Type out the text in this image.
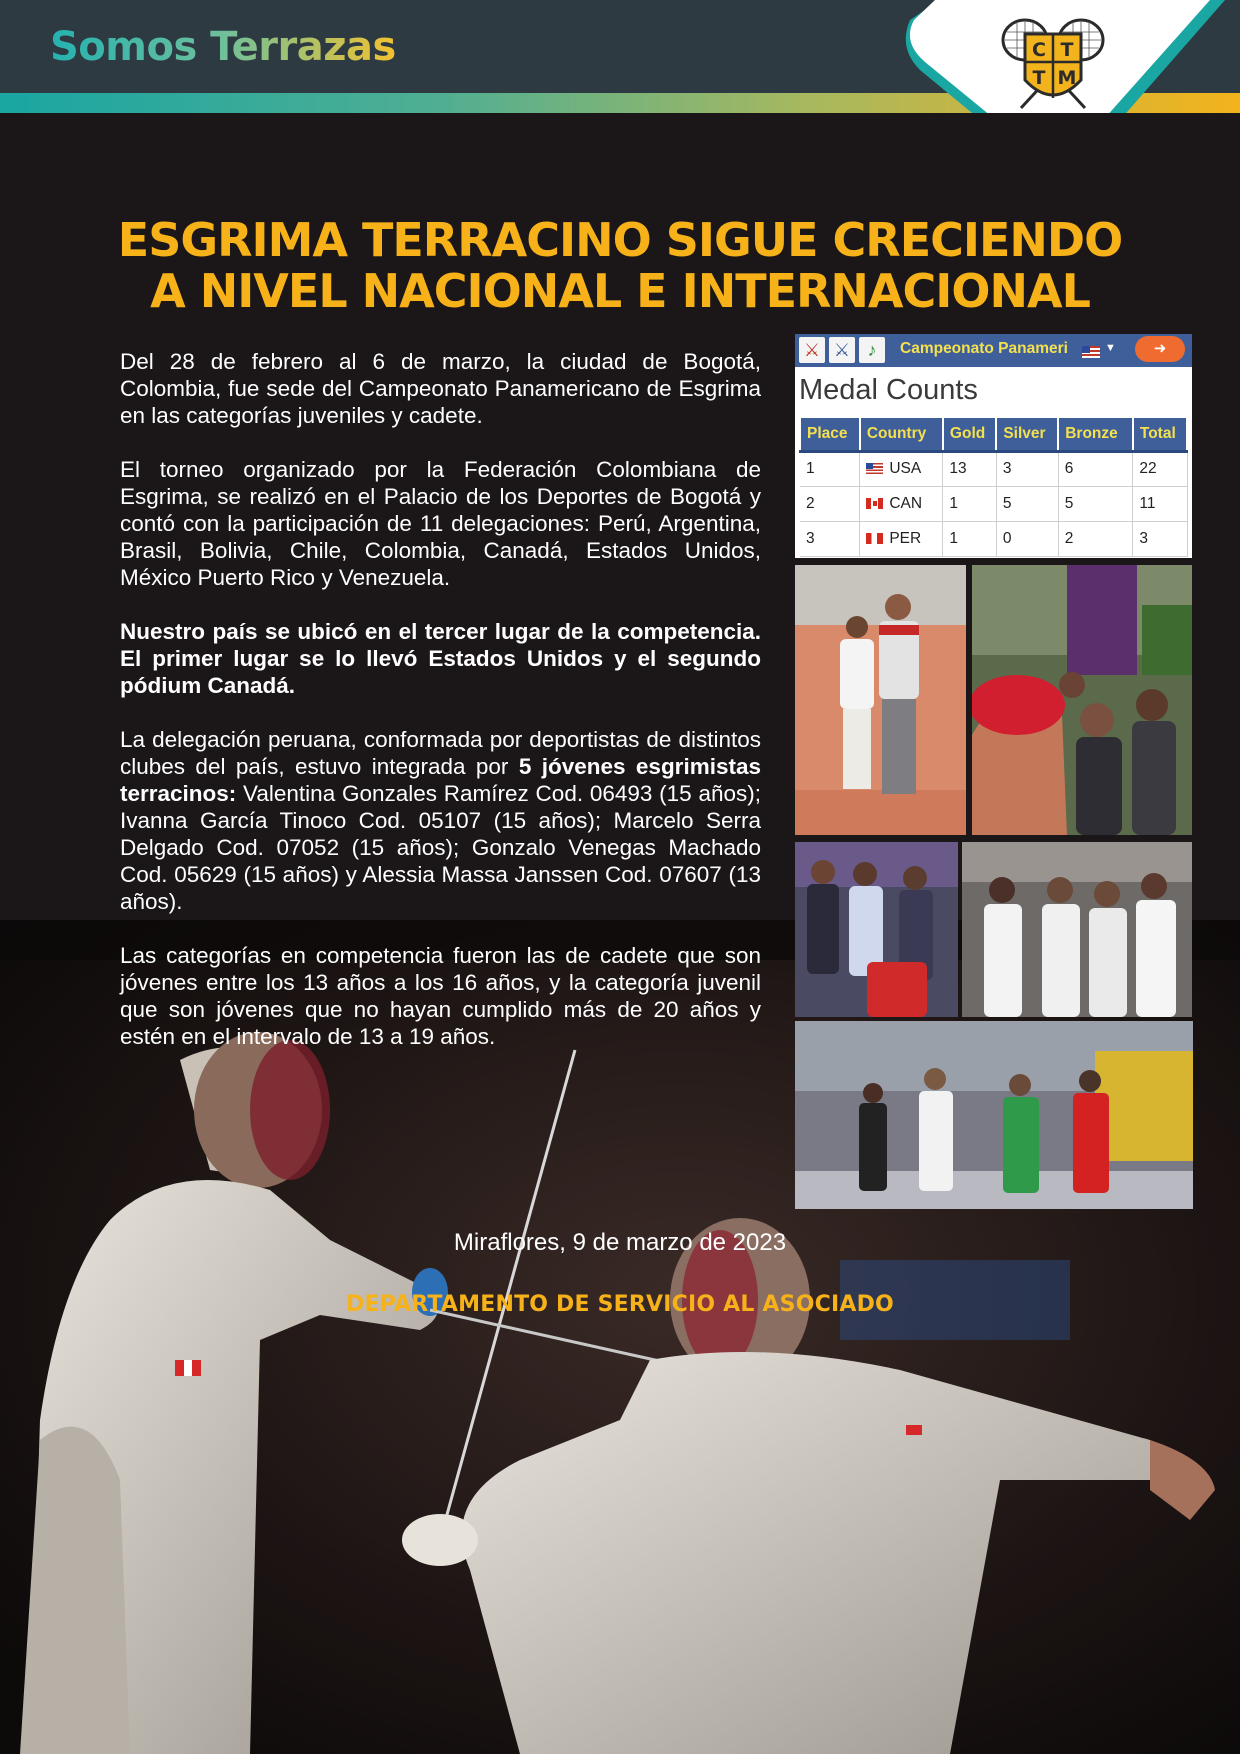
Somos Terrazas	C T
T M
ESGRIMA TERRACINO SIGUE CRECIENDO
A NIVEL NACIONAL E INTERNACIONAL

Del 28 de febrero al 6 de marzo, la ciudad de Bogotá, Colombia, fue sede del Campeonato Panamericano de Esgrima en las categorías juveniles y cadete.

El torneo organizado por la Federación Colombiana de Esgrima, se realizó en el Palacio de los Deportes de Bogotá y contó con la participación de 11 delegaciones: Perú, Argentina, Brasil, Bolivia, Chile, Colombia, Canadá, Estados Unidos, México Puerto Rico y Venezuela.

Nuestro país se ubicó en el tercer lugar de la competencia. El primer lugar se lo llevó Estados Unidos y el segundo pódium Canadá.

La delegación peruana, conformada por deportistas de distintos clubes del país, estuvo integrada por 5 jóvenes esgrimistas terracinos: Valentina Gonzales Ramírez Cod. 06493 (15 años); Ivanna García Tinoco Cod. 05107 (15 años); Marcelo Serra Delgado Cod. 07052 (15 años); Gonzalo Venegas Machado Cod. 05629 (15 años) y Alessia Massa Janssen Cod. 07607 (13 años).

Las categorías en competencia fueron las de cadete que son jóvenes entre los 13 años a los 16 años, y la categoría juvenil que son jóvenes que no hayan cumplido más de 20 años y estén en el intervalo de 13 a 19 años.

⚔ ⚔ ♪	Campeonato Panameri	▼	➜
Medal Counts
Place	Country	Gold	Silver	Bronze	Total
1	USA	13	3	6	22
2	CAN	1	5	5	11
3	PER	1	0	2	3
Miraflores, 9 de marzo de 2023
DEPARTAMENTO DE SERVICIO AL ASOCIADO
